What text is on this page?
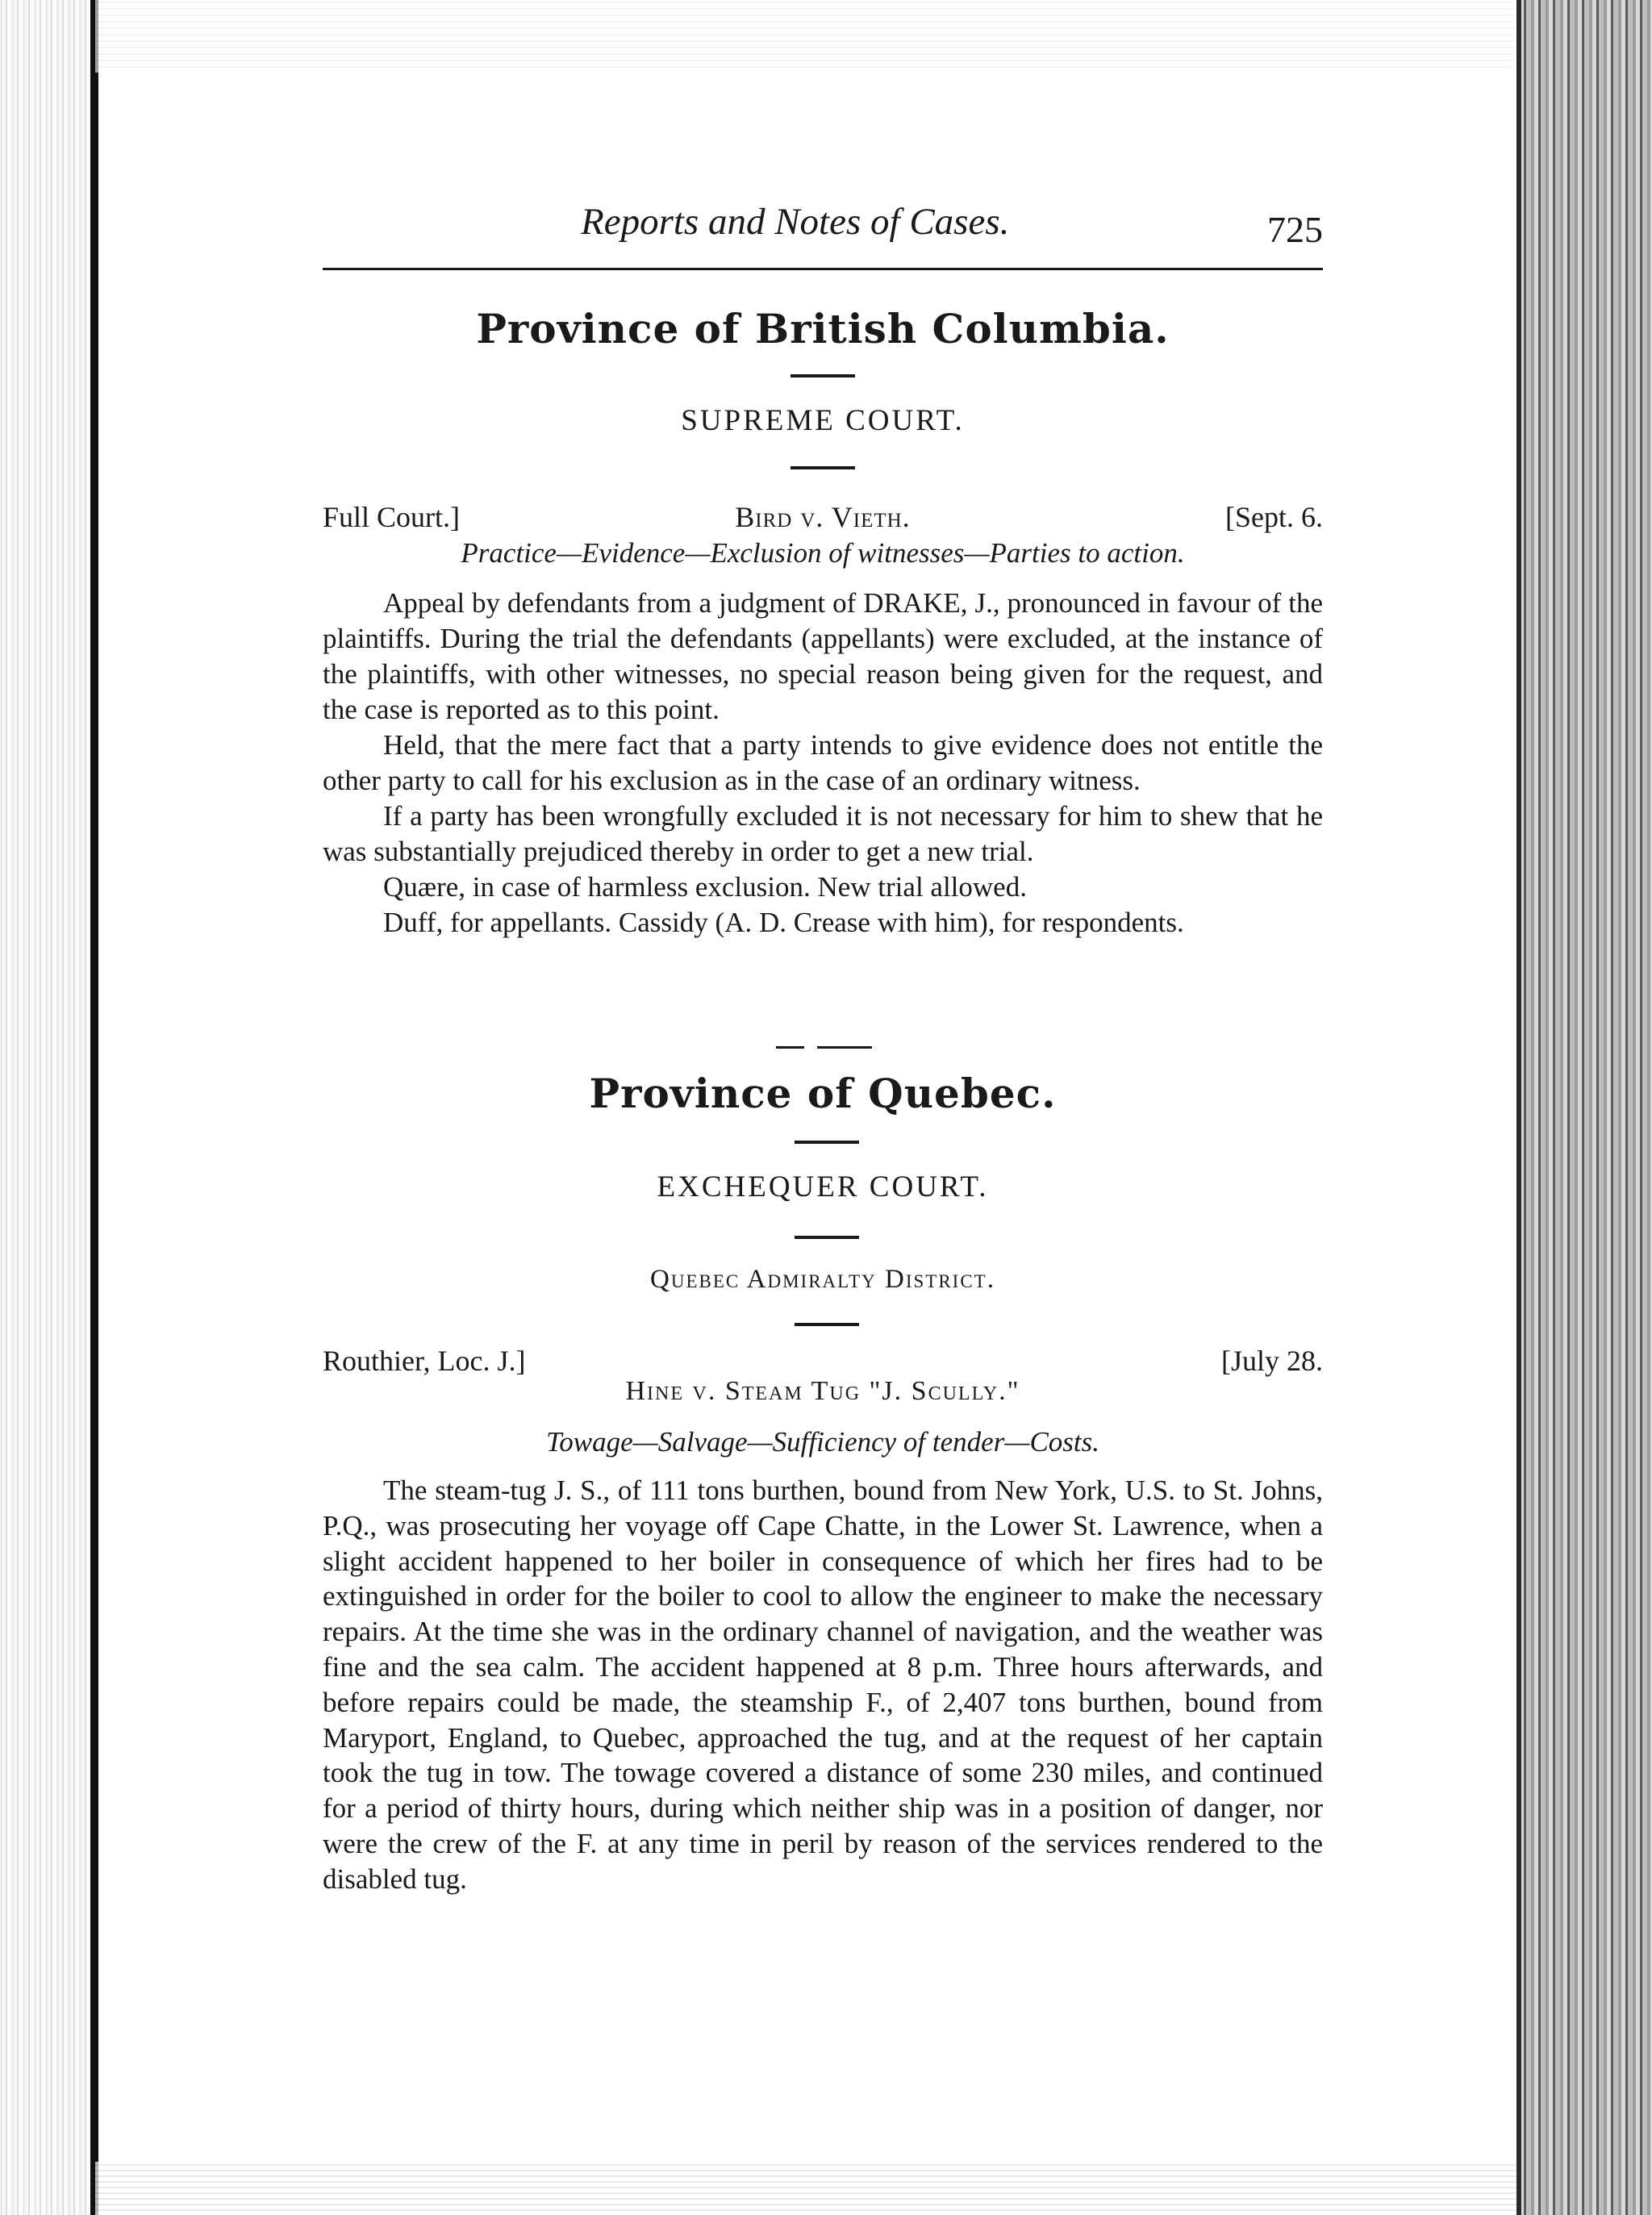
Reports and Notes of Cases.	725
Province of British Columbia.
SUPREME COURT.
Full Court.]	Bird v. Vieth.	[Sept. 6.
Practice—Evidence—Exclusion of witnesses—Parties to action.

Appeal by defendants from a judgment of DRAKE, J., pronounced in favour of the plaintiffs. During the trial the defendants (appellants) were excluded, at the instance of the plaintiffs, with other witnesses, no special reason being given for the request, and the case is reported as to this point.

Held, that the mere fact that a party intends to give evidence does not entitle the other party to call for his exclusion as in the case of an ordinary witness.

If a party has been wrongfully excluded it is not necessary for him to shew that he was substantially prejudiced thereby in order to get a new trial.

Quære, in case of harmless exclusion. New trial allowed.

Duff, for appellants. Cassidy (A. D. Crease with him), for respondents.

Province of Quebec.
EXCHEQUER COURT.
Quebec Admiralty District.
Routhier, Loc. J.]	[July 28.
Hine v. Steam Tug "J. Scully."
Towage—Salvage—Sufficiency of tender—Costs.

The steam-tug J. S., of 111 tons burthen, bound from New York, U.S. to St. Johns, P.Q., was prosecuting her voyage off Cape Chatte, in the Lower St. Lawrence, when a slight accident happened to her boiler in consequence of which her fires had to be extinguished in order for the boiler to cool to allow the engineer to make the necessary repairs. At the time she was in the ordinary channel of navigation, and the weather was fine and the sea calm. The accident happened at 8 p.m. Three hours afterwards, and before repairs could be made, the steamship F., of 2,407 tons burthen, bound from Maryport, England, to Quebec, approached the tug, and at the request of her captain took the tug in tow. The towage covered a distance of some 230 miles, and continued for a period of thirty hours, during which neither ship was in a position of danger, nor were the crew of the F. at any time in peril by reason of the services rendered to the disabled tug.
